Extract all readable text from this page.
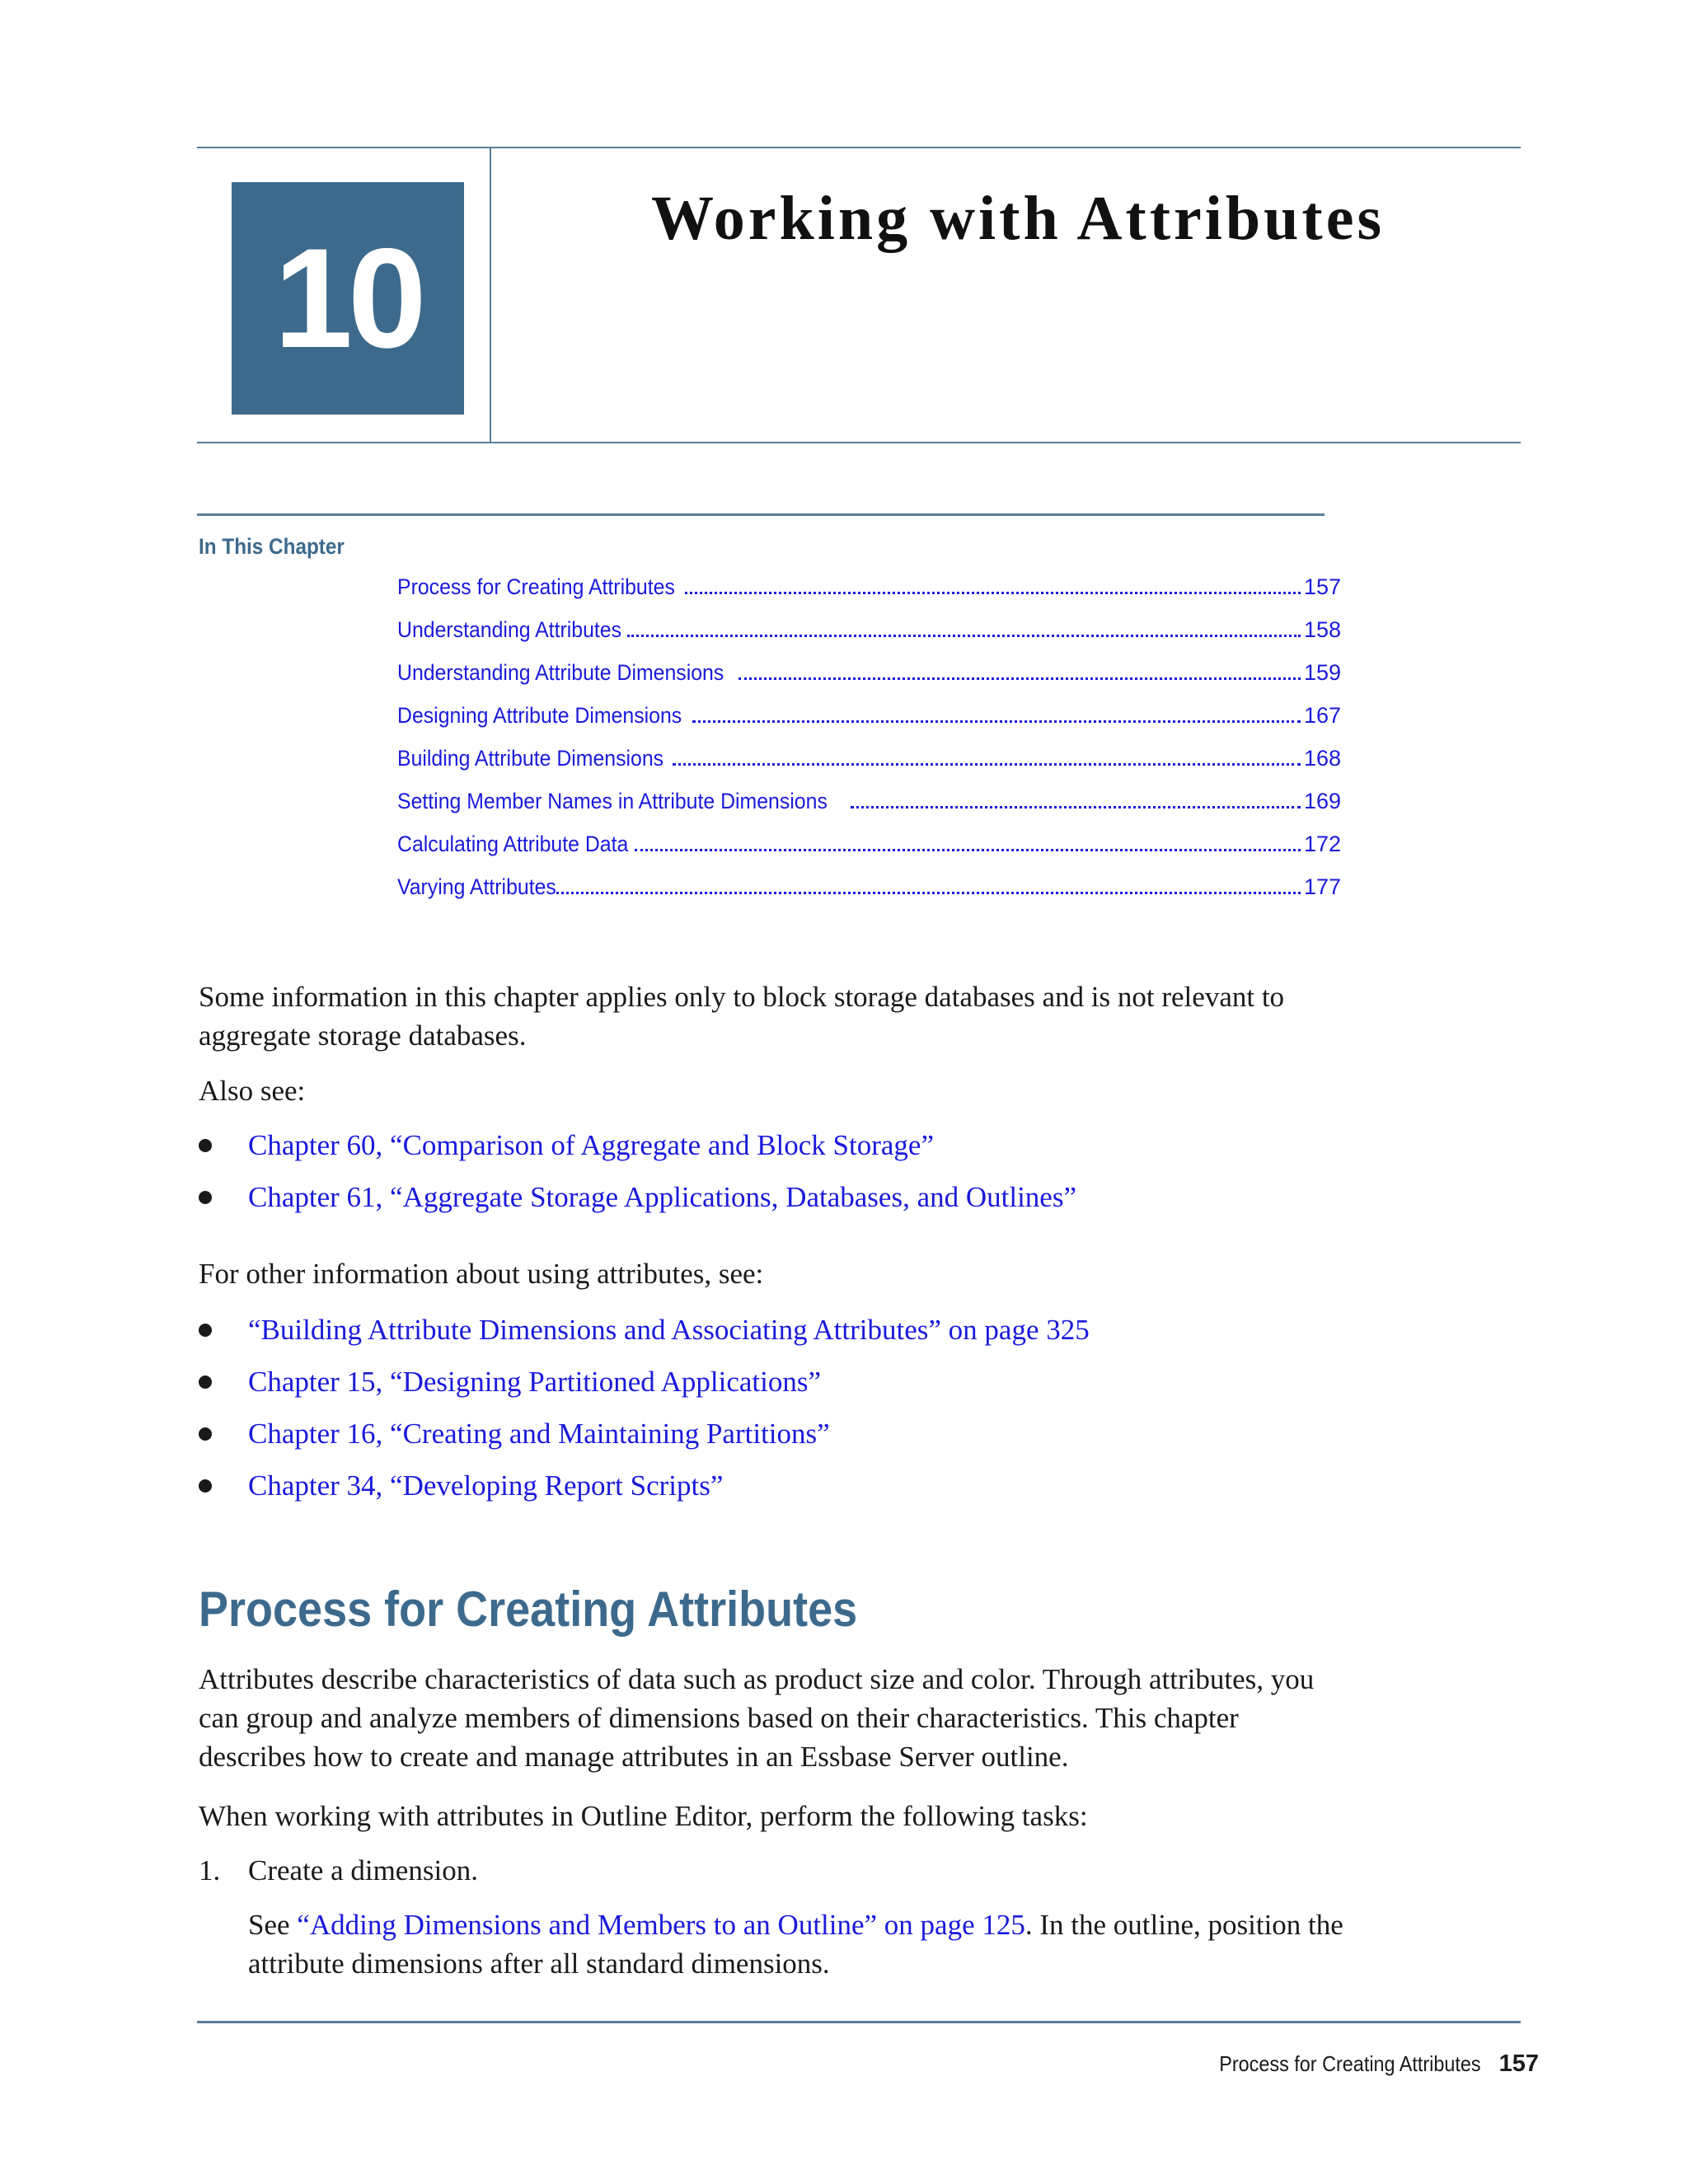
10
Working with Attributes
In This Chapter
Process for Creating Attributes	157
Understanding Attributes	158
Understanding Attribute Dimensions	159
Designing Attribute Dimensions	167
Building Attribute Dimensions	168
Setting Member Names in Attribute Dimensions	169
Calculating Attribute Data	172
Varying Attributes	177

Some information in this chapter applies only to block storage databases and is not relevant to aggregate storage databases.

Also see:

Chapter 60, “Comparison of Aggregate and Block Storage”
Chapter 61, “Aggregate Storage Applications, Databases, and Outlines”

For other information about using attributes, see:

“Building Attribute Dimensions and Associating Attributes” on page 325
Chapter 15, “Designing Partitioned Applications”
Chapter 16, “Creating and Maintaining Partitions”
Chapter 34, “Developing Report Scripts”
Process for Creating Attributes

Attributes describe characteristics of data such as product size and color. Through attributes, you can group and analyze members of dimensions based on their characteristics. This chapter describes how to create and manage attributes in an Essbase Server outline.

When working with attributes in Outline Editor, perform the following tasks:

1. Create a dimension.

See “Adding Dimensions and Members to an Outline” on page 125. In the outline, position the attribute dimensions after all standard dimensions.

Process for Creating Attributes 157
